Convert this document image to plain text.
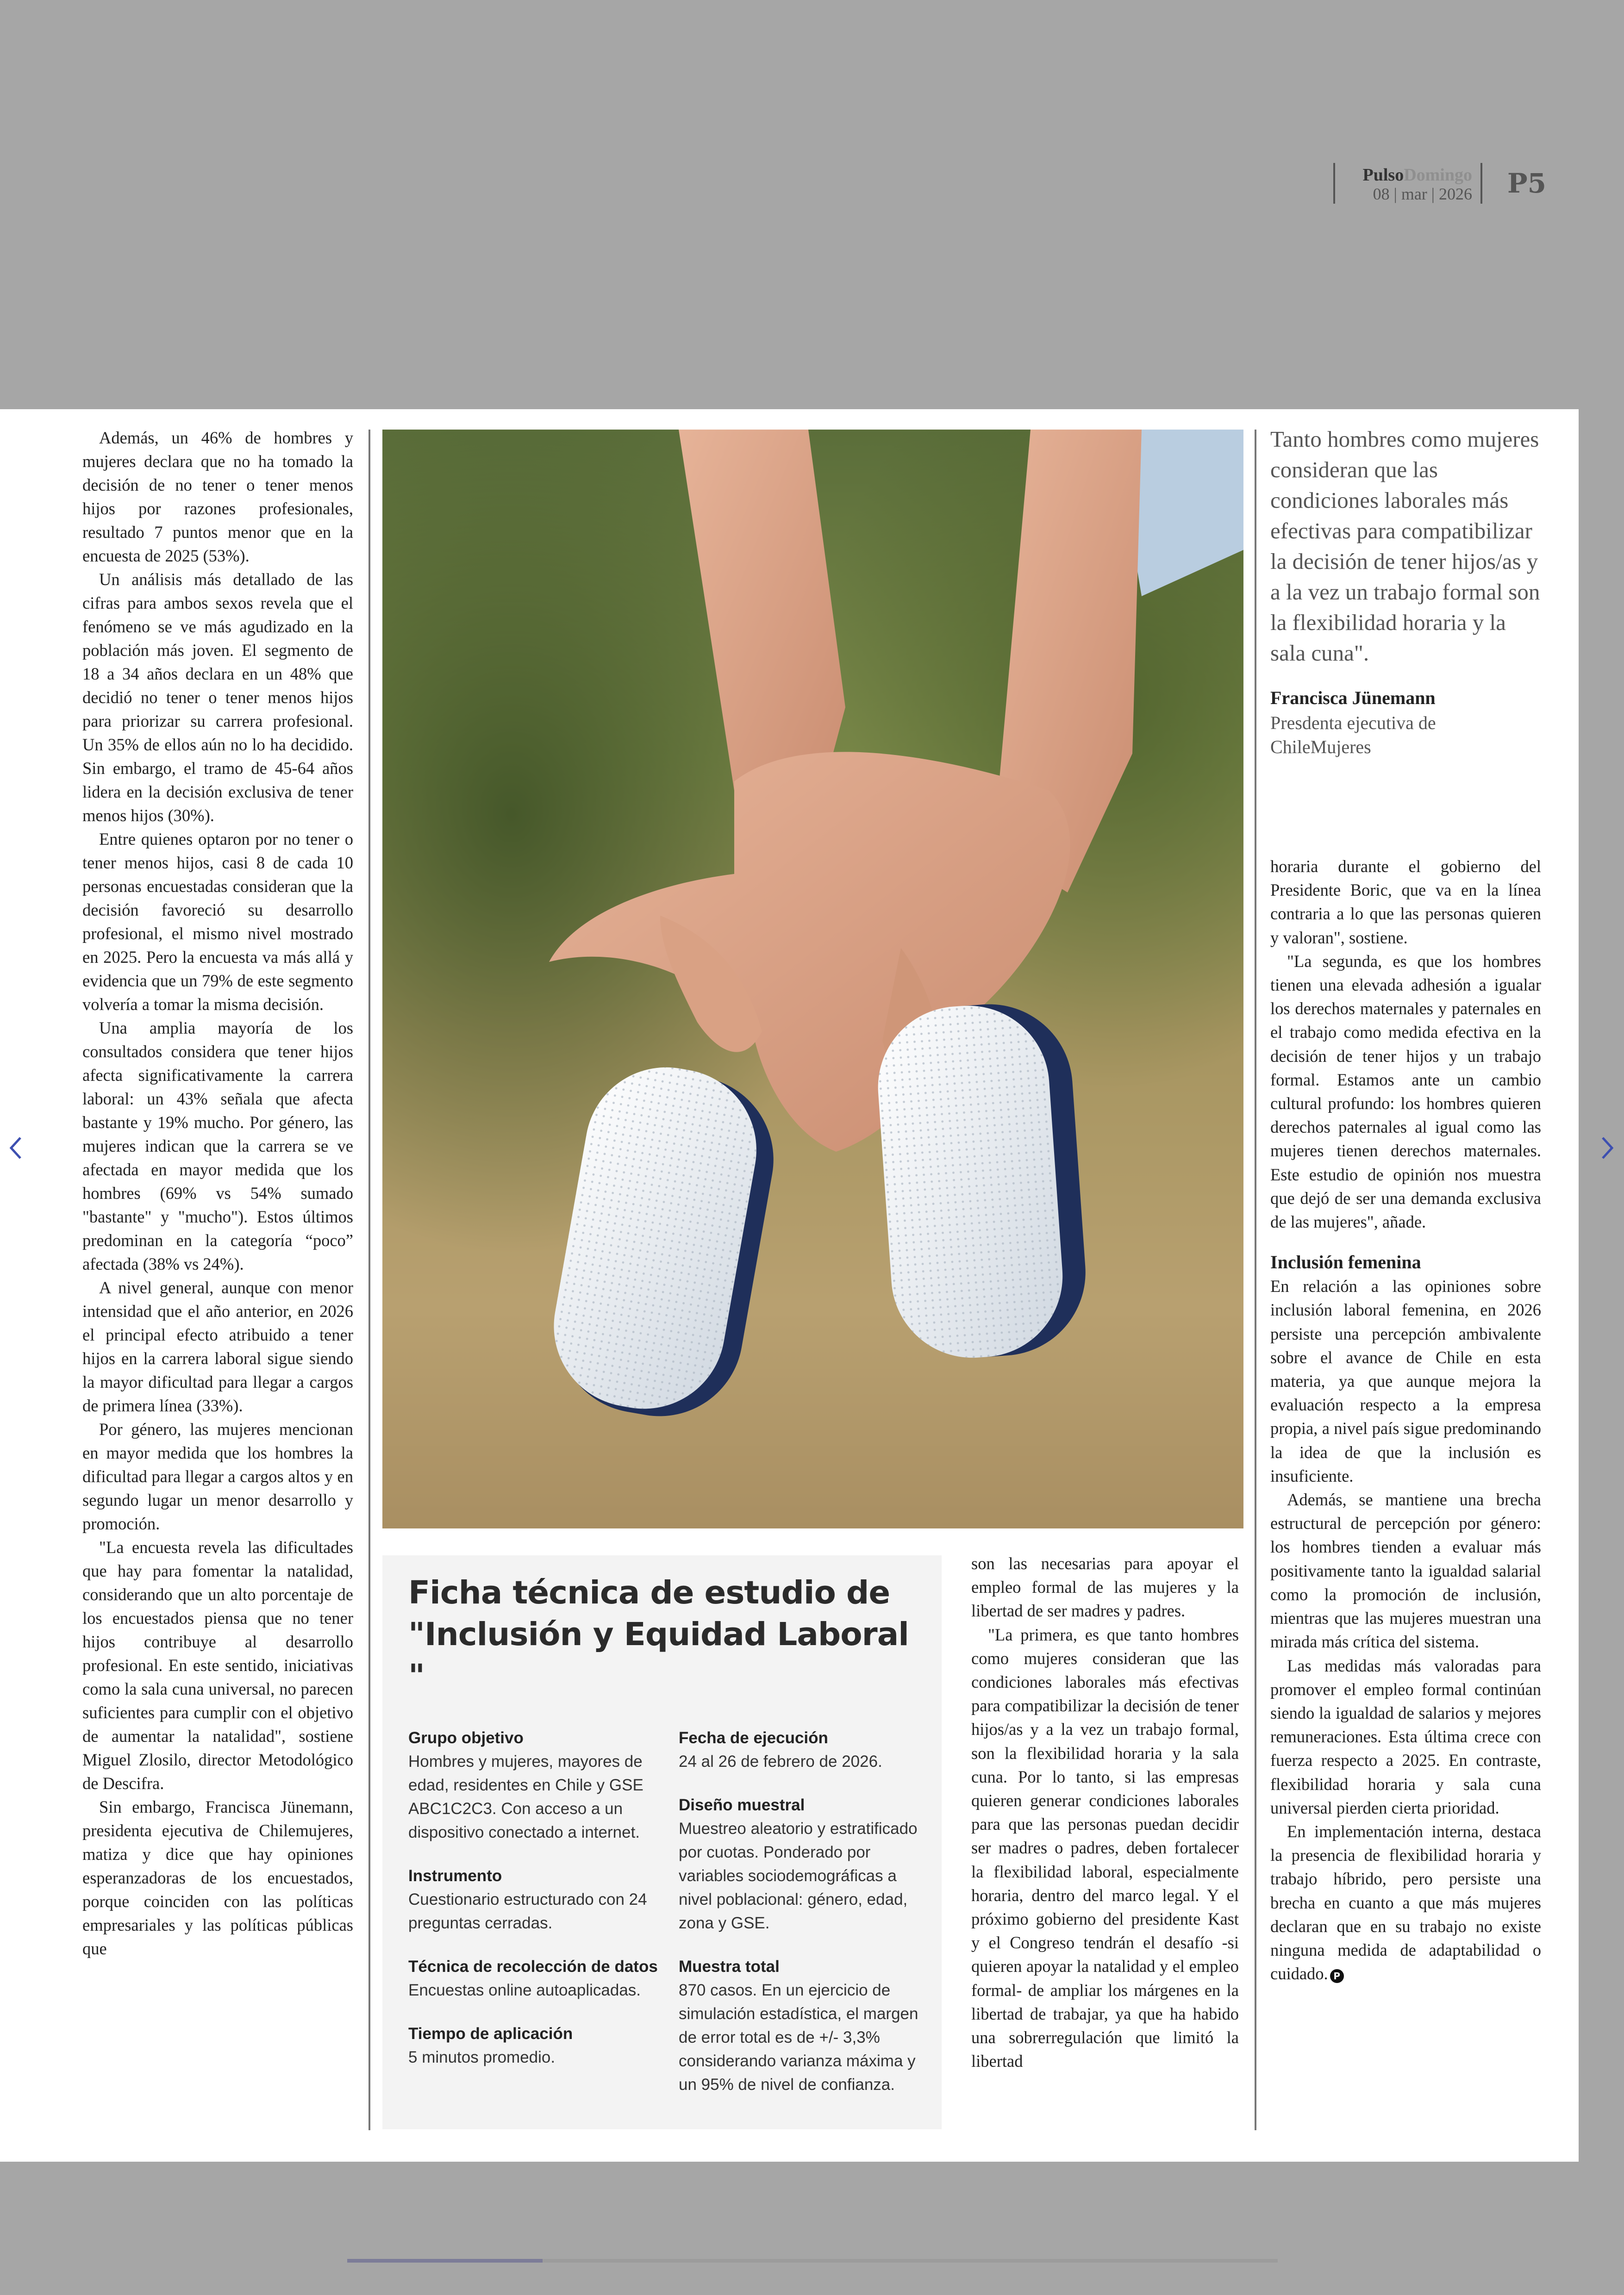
PulsoDomingo
08 | mar | 2026 P5

Además, un 46% de hombres y mujeres declara que no ha tomado la decisión de no tener o tener menos hijos por razones profesionales, resultado 7 puntos menor que en la encuesta de 2025 (53%).

Un análisis más detallado de las cifras para ambos sexos revela que el fenómeno se ve más agudizado en la población más joven. El segmento de 18 a 34 años declara en un 48% que decidió no tener o tener menos hijos para priorizar su carrera profesional. Un 35% de ellos aún no lo ha decidido. Sin embargo, el tramo de 45-64 años lidera en la decisión exclusiva de tener menos hijos (30%).

Entre quienes optaron por no tener o tener menos hijos, casi 8 de cada 10 personas encuestadas consideran que la decisión favoreció su desarrollo profesional, el mismo nivel mostrado en 2025. Pero la encuesta va más allá y evidencia que un 79% de este segmento volvería a tomar la misma decisión.

Una amplia mayoría de los consultados considera que tener hijos afecta significativamente la carrera laboral: un 43% señala que afecta bastante y 19% mucho. Por género, las mujeres indican que la carrera se ve afectada en mayor medida que los hombres (69% vs 54% sumado "bastante" y "mucho"). Estos últimos predominan en la categoría “poco” afectada (38% vs 24%).

A nivel general, aunque con menor intensidad que el año anterior, en 2026 el principal efecto atribuido a tener hijos en la carrera laboral sigue siendo la mayor dificultad para llegar a cargos de primera línea (33%).

Por género, las mujeres mencionan en mayor medida que los hombres la dificultad para llegar a cargos altos y en segundo lugar un menor desarrollo y promoción.

"La encuesta revela las dificultades que hay para fomentar la natalidad, considerando que un alto porcentaje de los encuestados piensa que no tener hijos contribuye al desarrollo profesional. En este sentido, iniciativas como la sala cuna universal, no parecen suficientes para cumplir con el objetivo de aumentar la natalidad", sostiene Miguel Zlosilo, director Metodológico de Descifra.

Sin embargo, Francisca Jünemann, presidenta ejecutiva de Chilemujeres, matiza y dice que hay opiniones esperanzadoras de los encuestados, porque coinciden con las políticas empresariales y las políticas públicas que

Ficha técnica de estudio de "Inclusión y Equidad Laboral "
Grupo objetivo

Hombres y mujeres, mayores de edad, residentes en Chile y GSE ABC1C2C3. Con acceso a un dispositivo conectado a internet.

Instrumento

Cuestionario estructurado con 24 preguntas cerradas.

Técnica de recolección de datos

Encuestas online autoaplicadas.

Tiempo de aplicación

5 minutos promedio.

Fecha de ejecución

24 al 26 de febrero de 2026.

Diseño muestral

Muestreo aleatorio y estratificado por cuotas. Ponderado por variables sociodemográficas a nivel poblacional: género, edad, zona y GSE.

Muestra total

870 casos. En un ejercicio de simulación estadística, el margen de error total es de +/- 3,3% considerando varianza máxima y un 95% de nivel de confianza.

son las necesarias para apoyar el empleo formal de las mujeres y la libertad de ser madres y padres.

"La primera, es que tanto hombres como mujeres consideran que las condiciones laborales más efectivas para compatibilizar la decisión de tener hijos/as y a la vez un trabajo formal, son la flexibilidad horaria y la sala cuna. Por lo tanto, si las empresas quieren generar condiciones laborales para que las personas puedan decidir ser madres o padres, deben fortalecer la flexibilidad laboral, especialmente horaria, dentro del marco legal. Y el próximo gobierno del presidente Kast y el Congreso tendrán el desafío -si quieren apoyar la natalidad y el empleo formal- de ampliar los márgenes en la libertad de trabajar, ya que ha habido una sobrerregulación que limitó la libertad

Tanto hombres como mujeres consideran que las condiciones laborales más efectivas para compatibilizar la decisión de tener hijos/as y a la vez un trabajo formal son la flexibilidad horaria y la sala cuna".

Francisca Jünemann

Presdenta ejecutiva de ChileMujeres

horaria durante el gobierno del Presidente Boric, que va en la línea contraria a lo que las personas quieren y valoran", sostiene.

"La segunda, es que los hombres tienen una elevada adhesión a igualar los derechos maternales y paternales en el trabajo como medida efectiva en la decisión de tener hijos y un trabajo formal. Estamos ante un cambio cultural profundo: los hombres quieren derechos paternales al igual como las mujeres tienen derechos maternales. Este estudio de opinión nos muestra que dejó de ser una demanda exclusiva de las mujeres", añade.

Inclusión femenina

En relación a las opiniones sobre inclusión laboral femenina, en 2026 persiste una percepción ambivalente sobre el avance de Chile en esta materia, ya que aunque mejora la evaluación respecto a la empresa propia, a nivel país sigue predominando la idea de que la inclusión es insuficiente.

Además, se mantiene una brecha estructural de percepción por género: los hombres tienden a evaluar más positivamente tanto la igualdad salarial como la promoción de inclusión, mientras que las mujeres muestran una mirada más crítica del sistema.

Las medidas más valoradas para promover el empleo formal continúan siendo la igualdad de salarios y mejores remuneraciones. Esta última crece con fuerza respecto a 2025. En contraste, flexibilidad horaria y sala cuna universal pierden cierta prioridad.

En implementación interna, destaca la presencia de flexibilidad horaria y trabajo híbrido, pero persiste una brecha en cuanto a que más mujeres declaran que en su trabajo no existe ninguna medida de adaptabilidad o cuidado. P
